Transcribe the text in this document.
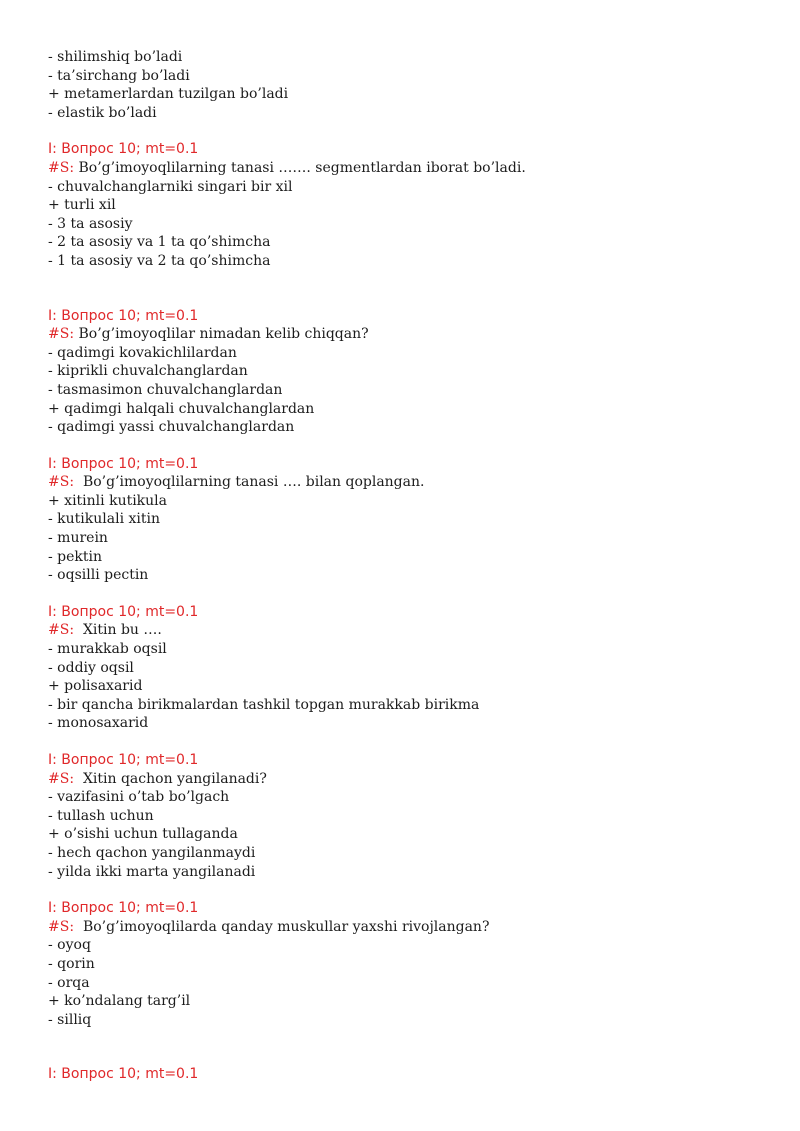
- shilimshiq bo’ladi
- ta’sirchang bo’ladi
+ metamerlardan tuzilgan bo’ladi
- elastik bo’ladi
I: Вопрос 10; mt=0.1
#S: Bo’g’imoyoqlilarning tanasi ……. segmentlardan iborat bo’ladi.
- chuvalchanglarniki singari bir xil
+ turli xil
- 3 ta asosiy
- 2 ta asosiy va 1 ta qo’shimcha
- 1 ta asosiy va 2 ta qo’shimcha
I: Вопрос 10; mt=0.1
#S: Bo’g’imoyoqlilar nimadan kelib chiqqan?
- qadimgi kovakichlilardan
- kiprikli chuvalchanglardan
- tasmasimon chuvalchanglardan
+ qadimgi halqali chuvalchanglardan
- qadimgi yassi chuvalchanglardan
I: Вопрос 10; mt=0.1
#S: Bo’g’imoyoqlilarning tanasi …. bilan qoplangan.
+ xitinli kutikula
- kutikulali xitin
- murein
- pektin
- oqsilli pectin
I: Вопрос 10; mt=0.1
#S: Xitin bu ….
- murakkab oqsil
- oddiy oqsil
+ polisaxarid
- bir qancha birikmalardan tashkil topgan murakkab birikma
- monosaxarid
I: Вопрос 10; mt=0.1
#S: Xitin qachon yangilanadi?
- vazifasini o’tab bo’lgach
- tullash uchun
+ o’sishi uchun tullaganda
- hech qachon yangilanmaydi
- yilda ikki marta yangilanadi
I: Вопрос 10; mt=0.1
#S: Bo’g’imoyoqlilarda qanday muskullar yaxshi rivojlangan?
- oyoq
- qorin
- orqa
+ ko’ndalang targ’il
- silliq
I: Вопрос 10; mt=0.1
